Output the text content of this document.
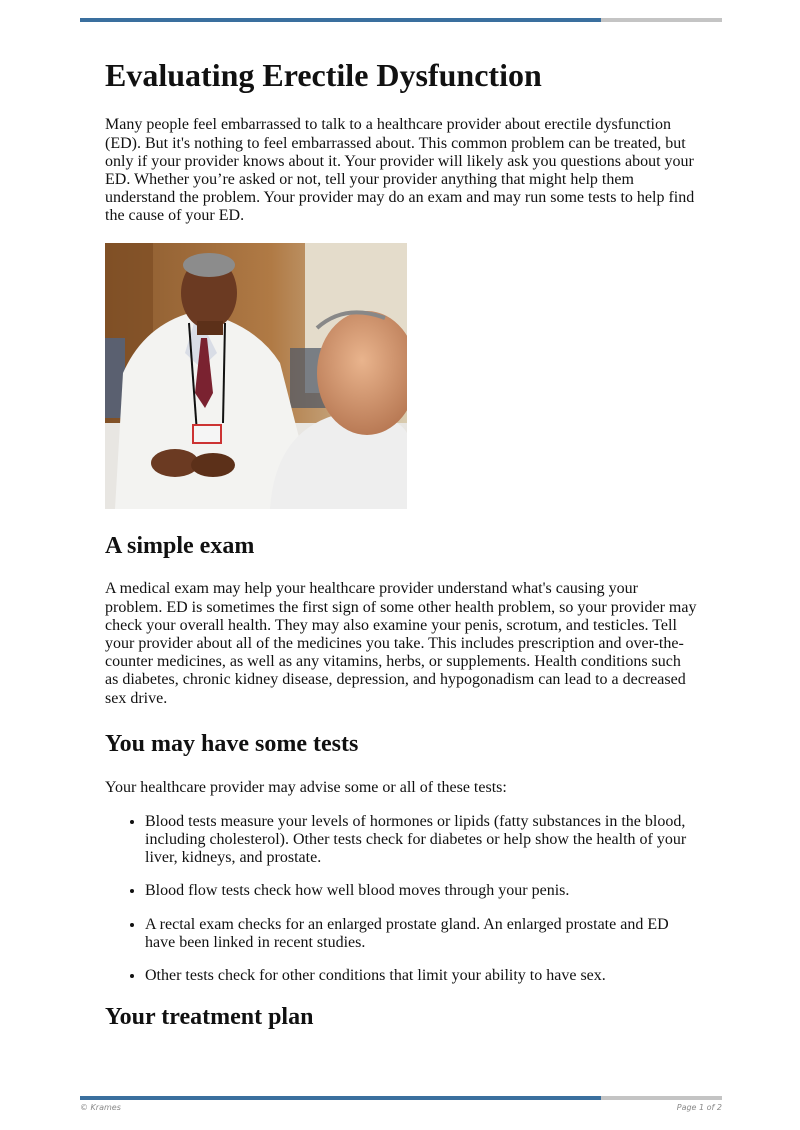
Evaluating Erectile Dysfunction

Many people feel embarrassed to talk to a healthcare provider about erectile dysfunction (ED). But it's nothing to feel embarrassed about. This common problem can be treated, but only if your provider knows about it. Your provider will likely ask you questions about your ED. Whether you’re asked or not, tell your provider anything that might help them understand the problem. Your provider may do an exam and may run some tests to help find the cause of your ED.

A simple exam

A medical exam may help your healthcare provider understand what's causing your problem. ED is sometimes the first sign of some other health problem, so your provider may check your overall health. They may also examine your penis, scrotum, and testicles. Tell your provider about all of the medicines you take. This includes prescription and over-the-counter medicines, as well as any vitamins, herbs, or supplements. Health conditions such as diabetes, chronic kidney disease, depression, and hypogonadism can lead to a decreased sex drive.

You may have some tests

Your healthcare provider may advise some or all of these tests:

• Blood tests measure your levels of hormones or lipids (fatty substances in the blood, including cholesterol). Other tests check for diabetes or help show the health of your liver, kidneys, and prostate.
• Blood flow tests check how well blood moves through your penis.
• A rectal exam checks for an enlarged prostate gland. An enlarged prostate and ED have been linked in recent studies.
• Other tests check for other conditions that limit your ability to have sex.
Your treatment plan
© Krames	Page 1 of 2
